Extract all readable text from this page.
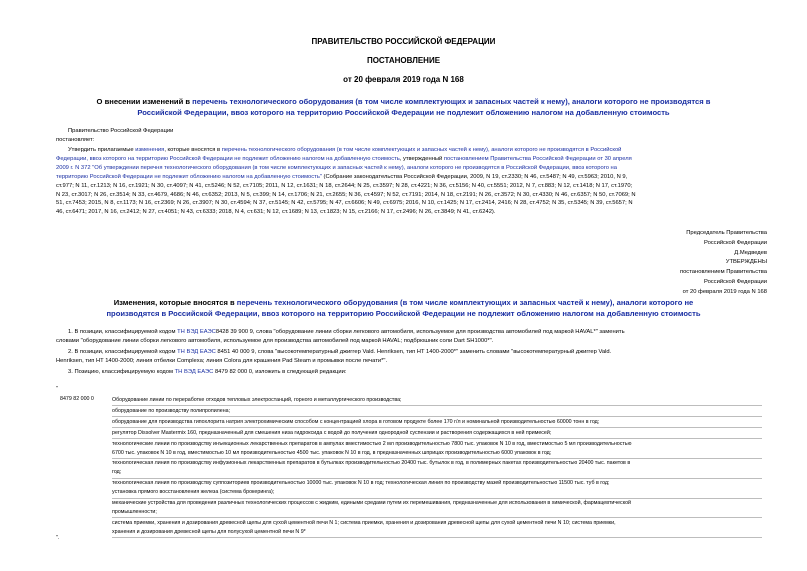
ПРАВИТЕЛЬСТВО РОССИЙСКОЙ ФЕДЕРАЦИИ
ПОСТАНОВЛЕНИЕ
от 20 февраля 2019 года N 168
О внесении изменений в перечень технологического оборудования (в том числе комплектующих и запасных частей к нему), аналоги которого не производятся в
Российской Федерации, ввоз которого на территорию Российской Федерации не подлежит обложению налогом на добавленную стоимость
Правительство Российской Федерации
постановляет:
Утвердить прилагаемые изменения, которые вносятся в перечень технологического оборудования (в том числе комплектующих и запасных частей к нему), аналоги которого не производятся в Российской
Федерации, ввоз которого на территорию Российской Федерации не подлежит обложению налогом на добавленную стоимость, утвержденный постановлением Правительства Российской Федерации от 30 апреля
2009 г. N 372 "Об утверждении перечня технологического оборудования (в том числе комплектующих и запасных частей к нему), аналоги которого не производятся в Российской Федерации, ввоз которого на
территорию Российской Федерации не подлежит обложению налогом на добавленную стоимость" (Собрание законодательства Российской Федерации, 2009, N 19, ст.2330; N 46, ст.5487; N 49, ст.5963; 2010, N 9,
ст.977; N 11, ст.1213; N 16, ст.1921; N 30, ст.4097; N 41, ст.5246; N 52, ст.7105; 2011, N 12, ст.1631; N 18, ст.2644; N 25, ст.3597; N 28, ст.4221; N 36, ст.5156; N 40, ст.5551; 2012, N 7, ст.883; N 12, ст.1418; N 17, ст.1970;
N 23, ст.3017; N 26, ст.3514; N 33, ст.4679, 4686; N 46, ст.6352; 2013, N 5, ст.399; N 14, ст.1706; N 21, ст.2655; N 36, ст.4597; N 52, ст.7191; 2014, N 18, ст.2191; N 26, ст.3572; N 30, ст.4330; N 46, ст.6357; N 50, ст.7069; N
51, ст.7453; 2015, N 8, ст.1173; N 16, ст.2369; N 26, ст.3907; N 30, ст.4594; N 37, ст.5145; N 42, ст.5795; N 47, ст.6606; N 49, ст.6975; 2016, N 10, ст.1425; N 17, ст.2414, 2416; N 28, ст.4752; N 35, ст.5345; N 39, ст.5657; N
46, ст.6471; 2017, N 16, ст.2412; N 27, ст.4051; N 43, ст.6333; 2018, N 4, ст.631; N 12, ст.1689; N 13, ст.1823; N 15, ст.2166; N 17, ст.2496; N 26, ст.3849; N 41, ст.6242).
Председатель Правительства
Российской Федерации
Д.Медведев
УТВЕРЖДЕНЫ
постановлением Правительства
Российской Федерации
от 20 февраля 2019 года N 168
Изменения, которые вносятся в перечень технологического оборудования (в том числе комплектующих и запасных частей к нему), аналоги которого не
производятся в Российской Федерации, ввоз которого на территорию Российской Федерации не подлежит обложению налогом на добавленную стоимость
1. В позиции, классифицируемой кодом ТН ВЭД ЕАЭС8428 39 900 9, слова "оборудование линии сборки легкового автомобиля, используемое для производства автомобилей под маркой HAVAL*" заменить
словами "оборудование линии сборки легкового автомобиля, используемое для производства автомобилей под маркой HAVAL; подбрюшник соли Dart SH1000*".
2. В позиции, классифицируемой кодом ТН ВЭД ЕАЭС 8451 40 000 9, слова "высокотемпературный джиггер Vald. Henriksen, тип HT 1400-2000*" заменить словами "высокотемпературный джиггер Vald.
Henriksen, тип HT 1400-2000; линия отбелки Complexa; линия Colora для крашения Pad Steam и промывки после печати*".
3. Позицию, классифицируемую кодом ТН ВЭД ЕАЭС 8479 82 000 0, изложить в следующей редакции:
"
8479 82 000 0	Оборудование линии по переработке отходов тепловых электростанций, горного и металлургического производства;
оборудование по производству полипропилена;
оборудование для производства гипохлорита натрия электрохимическим способом с концентрацией хлора в готовом продукте более 170 г/л и номинальной производительностью 60000 тонн в год;
регулятор Dissolver Mastermix 160, предназначенный для смешения низа гидроксида с водой до получения однородной суспензии и растворения содержащихся в ней примесей;
технологические линии по производству инъекционных лекарственных препаратов в ампулах вместимостью 2 мл производительностью 7800 тыс. упаковок N 10 в год, вместимостью 5 мл производительностью
6700 тыс. упаковок N 10 в год, вместимостью 10 мл производительностью 4500 тыс. упаковок N 10 в год, в предназначенных шприцах производительностью 6000 упаковок в год;
технологическая линия по производству инфузионных лекарственных препаратов в бутылках производительностью 20400 тыс. бутылок в год, в полимерных пакетах производительностью 20400 тыс. пакетов в
год;
технологическая линия по производству суппозиториев производительностью 10000 тыс. упаковок N 10 в год; технологическая линия по производству мазей производительностью 11500 тыс. туб в год;
установка прямого восстановления железа (система брокеринга);
механические устройства для проведения различных технологических процессов с жидким, едиными средами путем их перемешивания, предназначенные для использования в химической, фармацевтической
промышленности;
система приемки, хранения и дозирования древесной щепы для сухой цементной печи N 1; система приемки, хранения и дозирования древесной щепы для сухой цементной печи N 10; система приемки,
хранения и дозирования древесной щепы для полусухой цементной печи N 9*
".
